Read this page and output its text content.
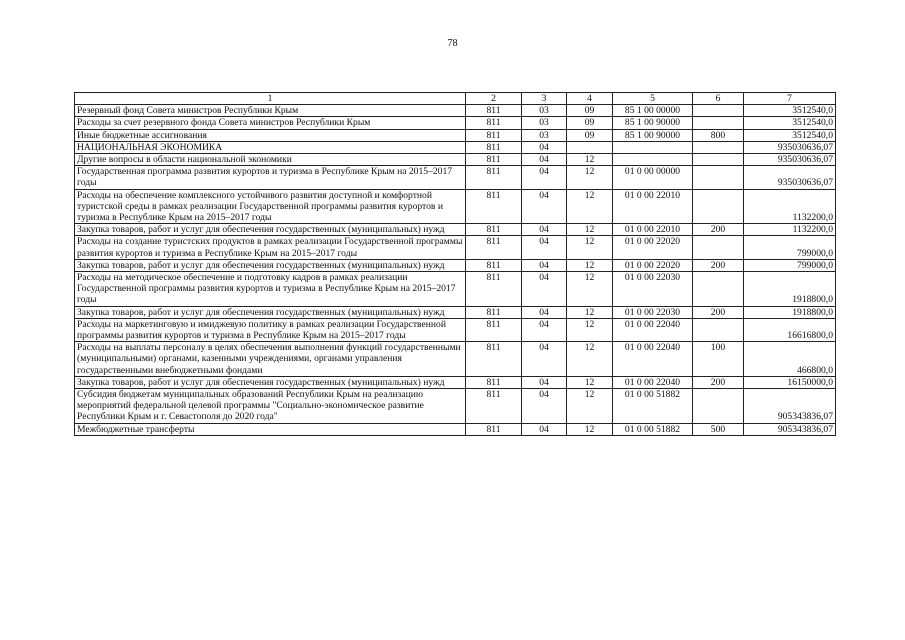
78
1	2	3	4	5	6	7
Резервный фонд Совета министров Республики Крым	811	03	09	85 1 00 00000		3512540,0
Расходы за счет резервного фонда Совета министров Республики Крым	811	03	09	85 1 00 90000		3512540,0
Иные бюджетные ассигнования	811	03	09	85 1 00 90000	800	3512540,0
НАЦИОНАЛЬНАЯ ЭКОНОМИКА	811	04				935030636,07
Другие вопросы в области национальной экономики	811	04	12			935030636,07
Государственная программа развития курортов и туризма в Республике Крым на 2015–2017 годы	811	04	12	01 0 00 00000		935030636,07
Расходы на обеспечение комплексного устойчивого развития доступной и комфортной туристской среды в рамках реализации Государственной программы развития курортов и туризма в Республике Крым на 2015–2017 годы	811	04	12	01 0 00 22010		1132200,0
Закупка товаров, работ и услуг для обеспечения государственных (муниципальных) нужд	811	04	12	01 0 00 22010	200	1132200,0
Расходы на создание туристских продуктов в рамках реализации Государственной программы развития курортов и туризма в Республике Крым на 2015–2017 годы	811	04	12	01 0 00 22020		799000,0
Закупка товаров, работ и услуг для обеспечения государственных (муниципальных) нужд	811	04	12	01 0 00 22020	200	799000,0
Расходы на методическое обеспечение и подготовку кадров в рамках реализации Государственной программы развития курортов и туризма в Республике Крым на 2015–2017 годы	811	04	12	01 0 00 22030		1918800,0
Закупка товаров, работ и услуг для обеспечения государственных (муниципальных) нужд	811	04	12	01 0 00 22030	200	1918800,0
Расходы на маркетинговую и имиджевую политику в рамках реализации Государственной программы развития курортов и туризма в Республике Крым на 2015–2017 годы	811	04	12	01 0 00 22040		16616800,0
Расходы на выплаты персоналу в целях обеспечения выполнения функций государственными (муниципальными) органами, казенными учреждениями, органами управления государственными внебюджетными фондами	811	04	12	01 0 00 22040	100	466800,0
Закупка товаров, работ и услуг для обеспечения государственных (муниципальных) нужд	811	04	12	01 0 00 22040	200	16150000,0
Субсидия бюджетам муниципальных образований Республики Крым на реализацию мероприятий федеральной целевой программы "Социально-экономическое развитие Республики Крым и г. Севастополя до 2020 года"	811	04	12	01 0 00 51882		905343836,07
Межбюджетные трансферты	811	04	12	01 0 00 51882	500	905343836,07
